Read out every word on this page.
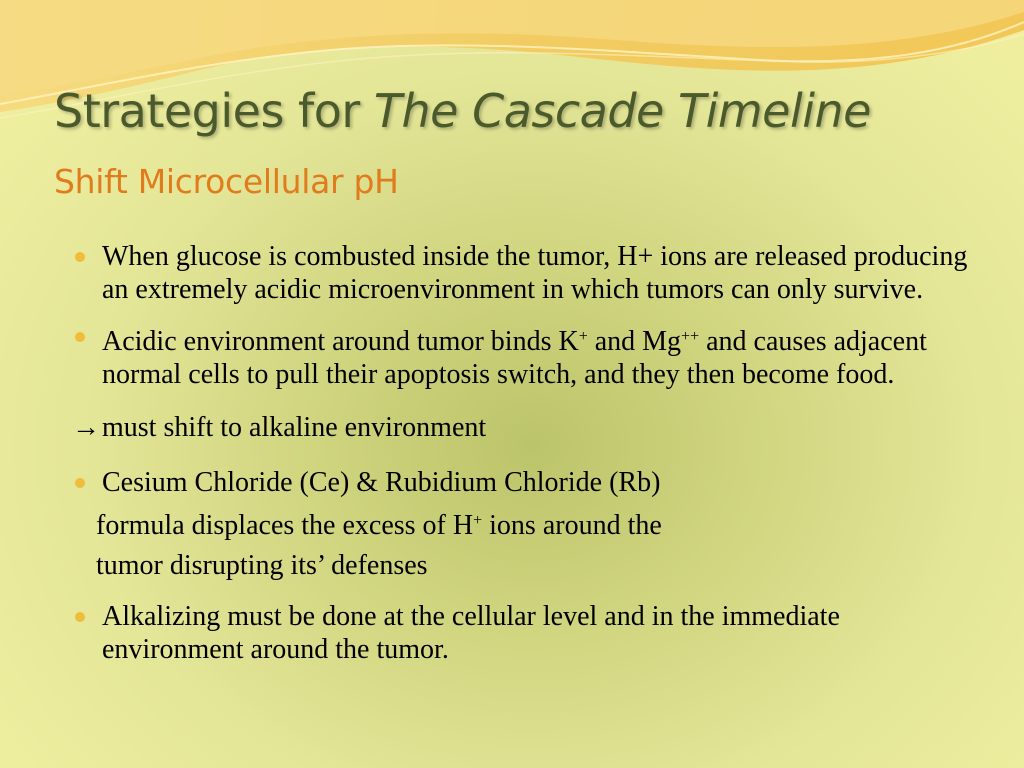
Strategies for The Cascade Timeline
Shift Microcellular pH

When glucose is combusted inside the tumor, H+ ions are released producing an extremely acidic microenvironment in which tumors can only survive.

Acidic environment around tumor binds K+ and Mg++ and causes adjacent normal cells to pull their apoptosis switch, and they then become food.

→must shift to alkaline environment

Cesium Chloride (Ce) & Rubidium Chloride (Rb)

formula displaces the excess of H+ ions around the

tumor disrupting its’ defenses

Alkalizing must be done at the cellular level and in the immediate environment around the tumor.
